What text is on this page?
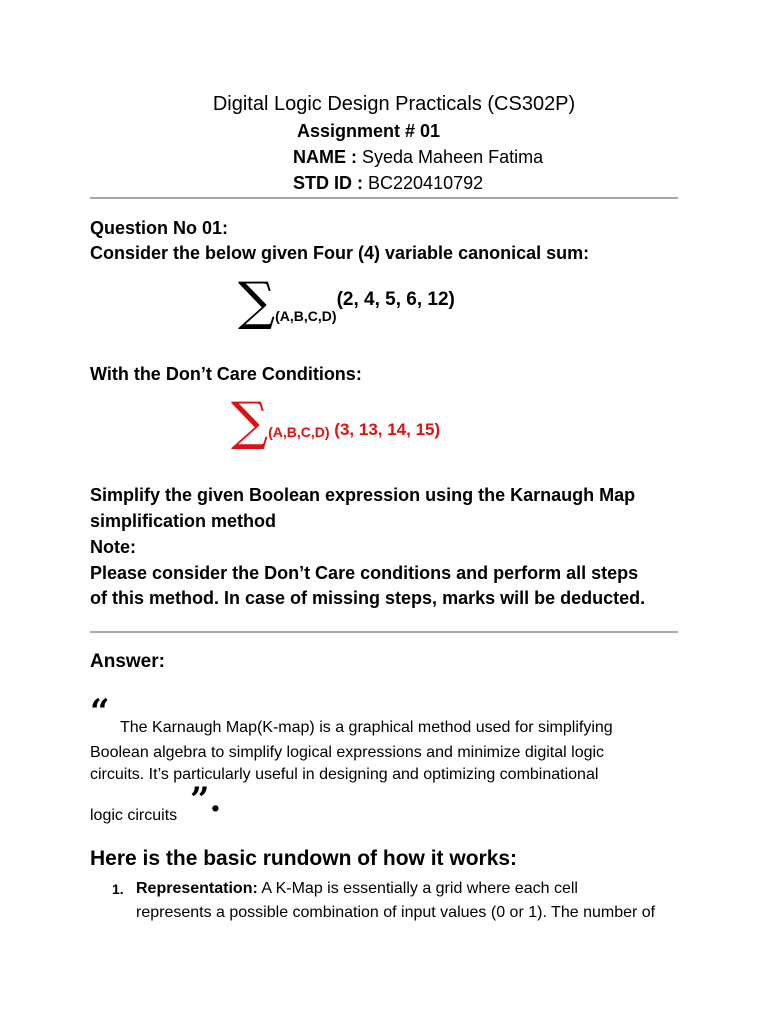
Digital Logic Design Practicals (CS302P)
Assignment # 01
NAME : Syeda Maheen Fatima
STD ID : BC220410792
Question No 01:
Consider the below given Four (4) variable canonical sum:
∑(A,B,C,D)(2, 4, 5, 6, 12)
With the Don’t Care Conditions:
∑(A,B,C,D) (3, 13, 14, 15)
Simplify the given Boolean expression using the Karnaugh Map
simplification method
Note:
Please consider the Don’t Care conditions and perform all steps
of this method. In case of missing steps, marks will be deducted.
Answer:
“ The Karnaugh Map(K-map) is a graphical method used for simplifying
Boolean algebra to simplify logical expressions and minimize digital logic
circuits. It’s particularly useful in designing and optimizing combinational
logic circuits ”.
Here is the basic rundown of how it works:
1. Representation: A K-Map is essentially a grid where each cell
represents a possible combination of input values (0 or 1). The number of
